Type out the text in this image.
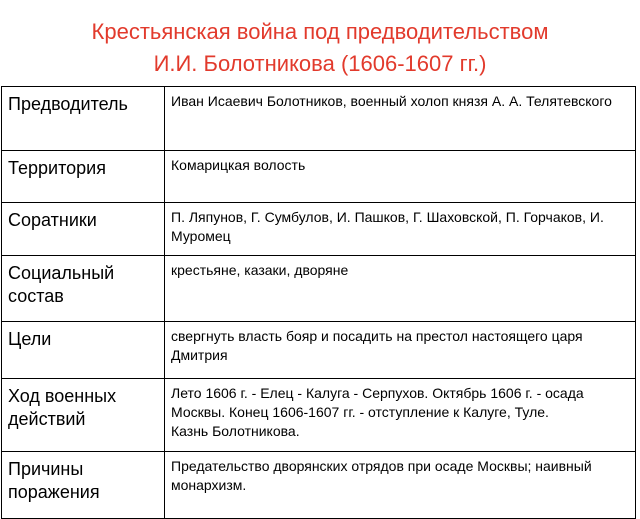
Крестьянская война под предводительством
И.И. Болотникова (1606-1607 гг.)
Предводитель	Иван Исаевич Болотников, военный холоп князя А. А. Телятевского
Территория	Комарицкая волость
Соратники	П. Ляпунов, Г. Сумбулов, И. Пашков, Г. Шаховской, П. Горчаков, И. Муромец
Социальный
состав	крестьяне, казаки, дворяне
Цели	свергнуть власть бояр и посадить на престол настоящего царя Дмитрия
Ход военных
действий	Лето 1606 г. - Елец - Калуга - Серпухов. Октябрь 1606 г. - осада Москвы. Конец 1606-1607 гг. - отступление к Калуге, Туле.Казнь Болотникова.
Причины
поражения	Предательство дворянских отрядов при осаде Москвы; наивный монархизм.
